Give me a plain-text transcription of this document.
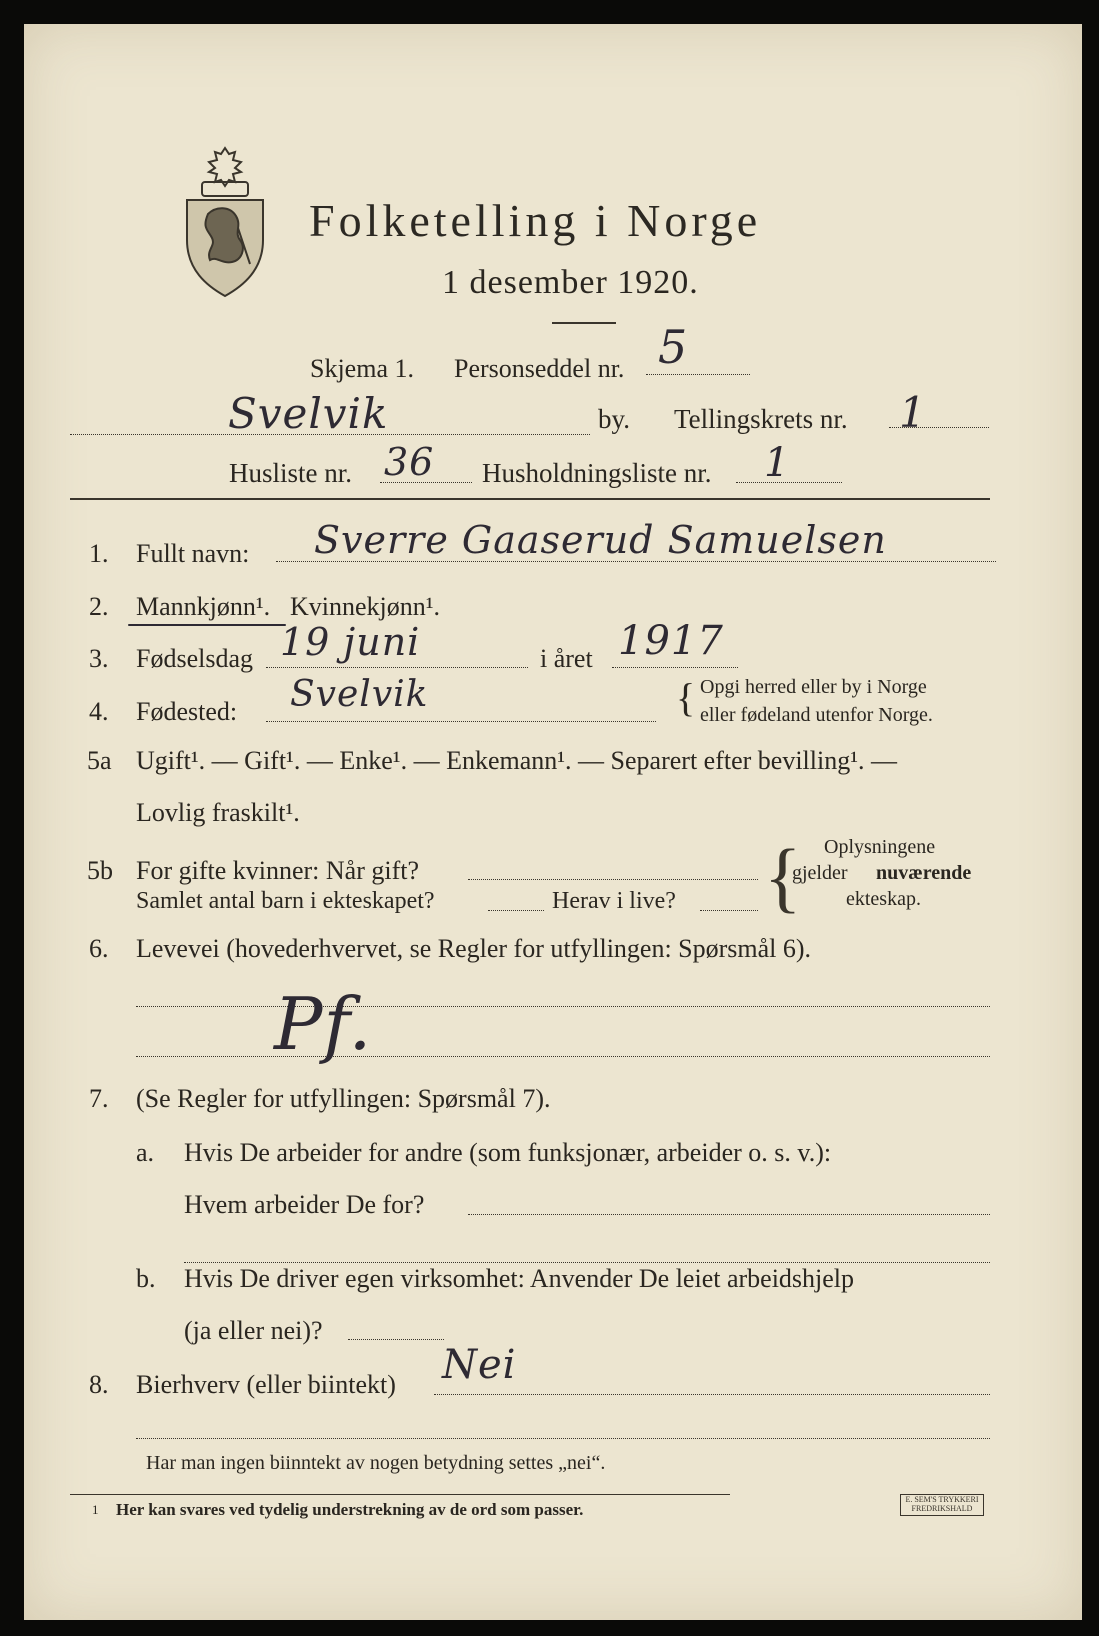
Folketelling i Norge
1 desember 1920.
Skjema 1. Personseddel nr. 5
Svelvik	by. Tellingskrets nr. 1
Husliste nr. 36 Husholdningsliste nr. 1
1. Fullt navn: Sverre Gaaserud Samuelsen
2. Mannkjønn¹. Kvinnekjønn¹.
3. Fødselsdag 19 juni	i året 1917
4. Fødested: Svelvik	{ Opgi herred eller by i Norge
eller fødeland utenfor Norge.
5a Ugift¹. — Gift¹. — Enke¹. — Enkemann¹. — Separert efter bevilling¹. —
Lovlig fraskilt¹.
5b For gifte kvinner: Når gift?
Samlet antal barn i ekteskapet?	Herav i live? { Oplysningene
gjelder nuværende
ekteskap.
6. Levevei (hovederhvervet, se Regler for utfyllingen: Spørsmål 6).
Pf.
7. (Se Regler for utfyllingen: Spørsmål 7).
a. Hvis De arbeider for andre (som funksjonær, arbeider o. s. v.):
Hvem arbeider De for?
b. Hvis De driver egen virksomhet: Anvender De leiet arbeidshjelp
(ja eller nei)?
8. Bierhverv (eller biintekt) Nei
Har man ingen biinntekt av nogen betydning settes „nei“.
1 Her kan svares ved tydelig understrekning av de ord som passer.
E. SEM'S TRYKKERI
FREDRIKSHALD
